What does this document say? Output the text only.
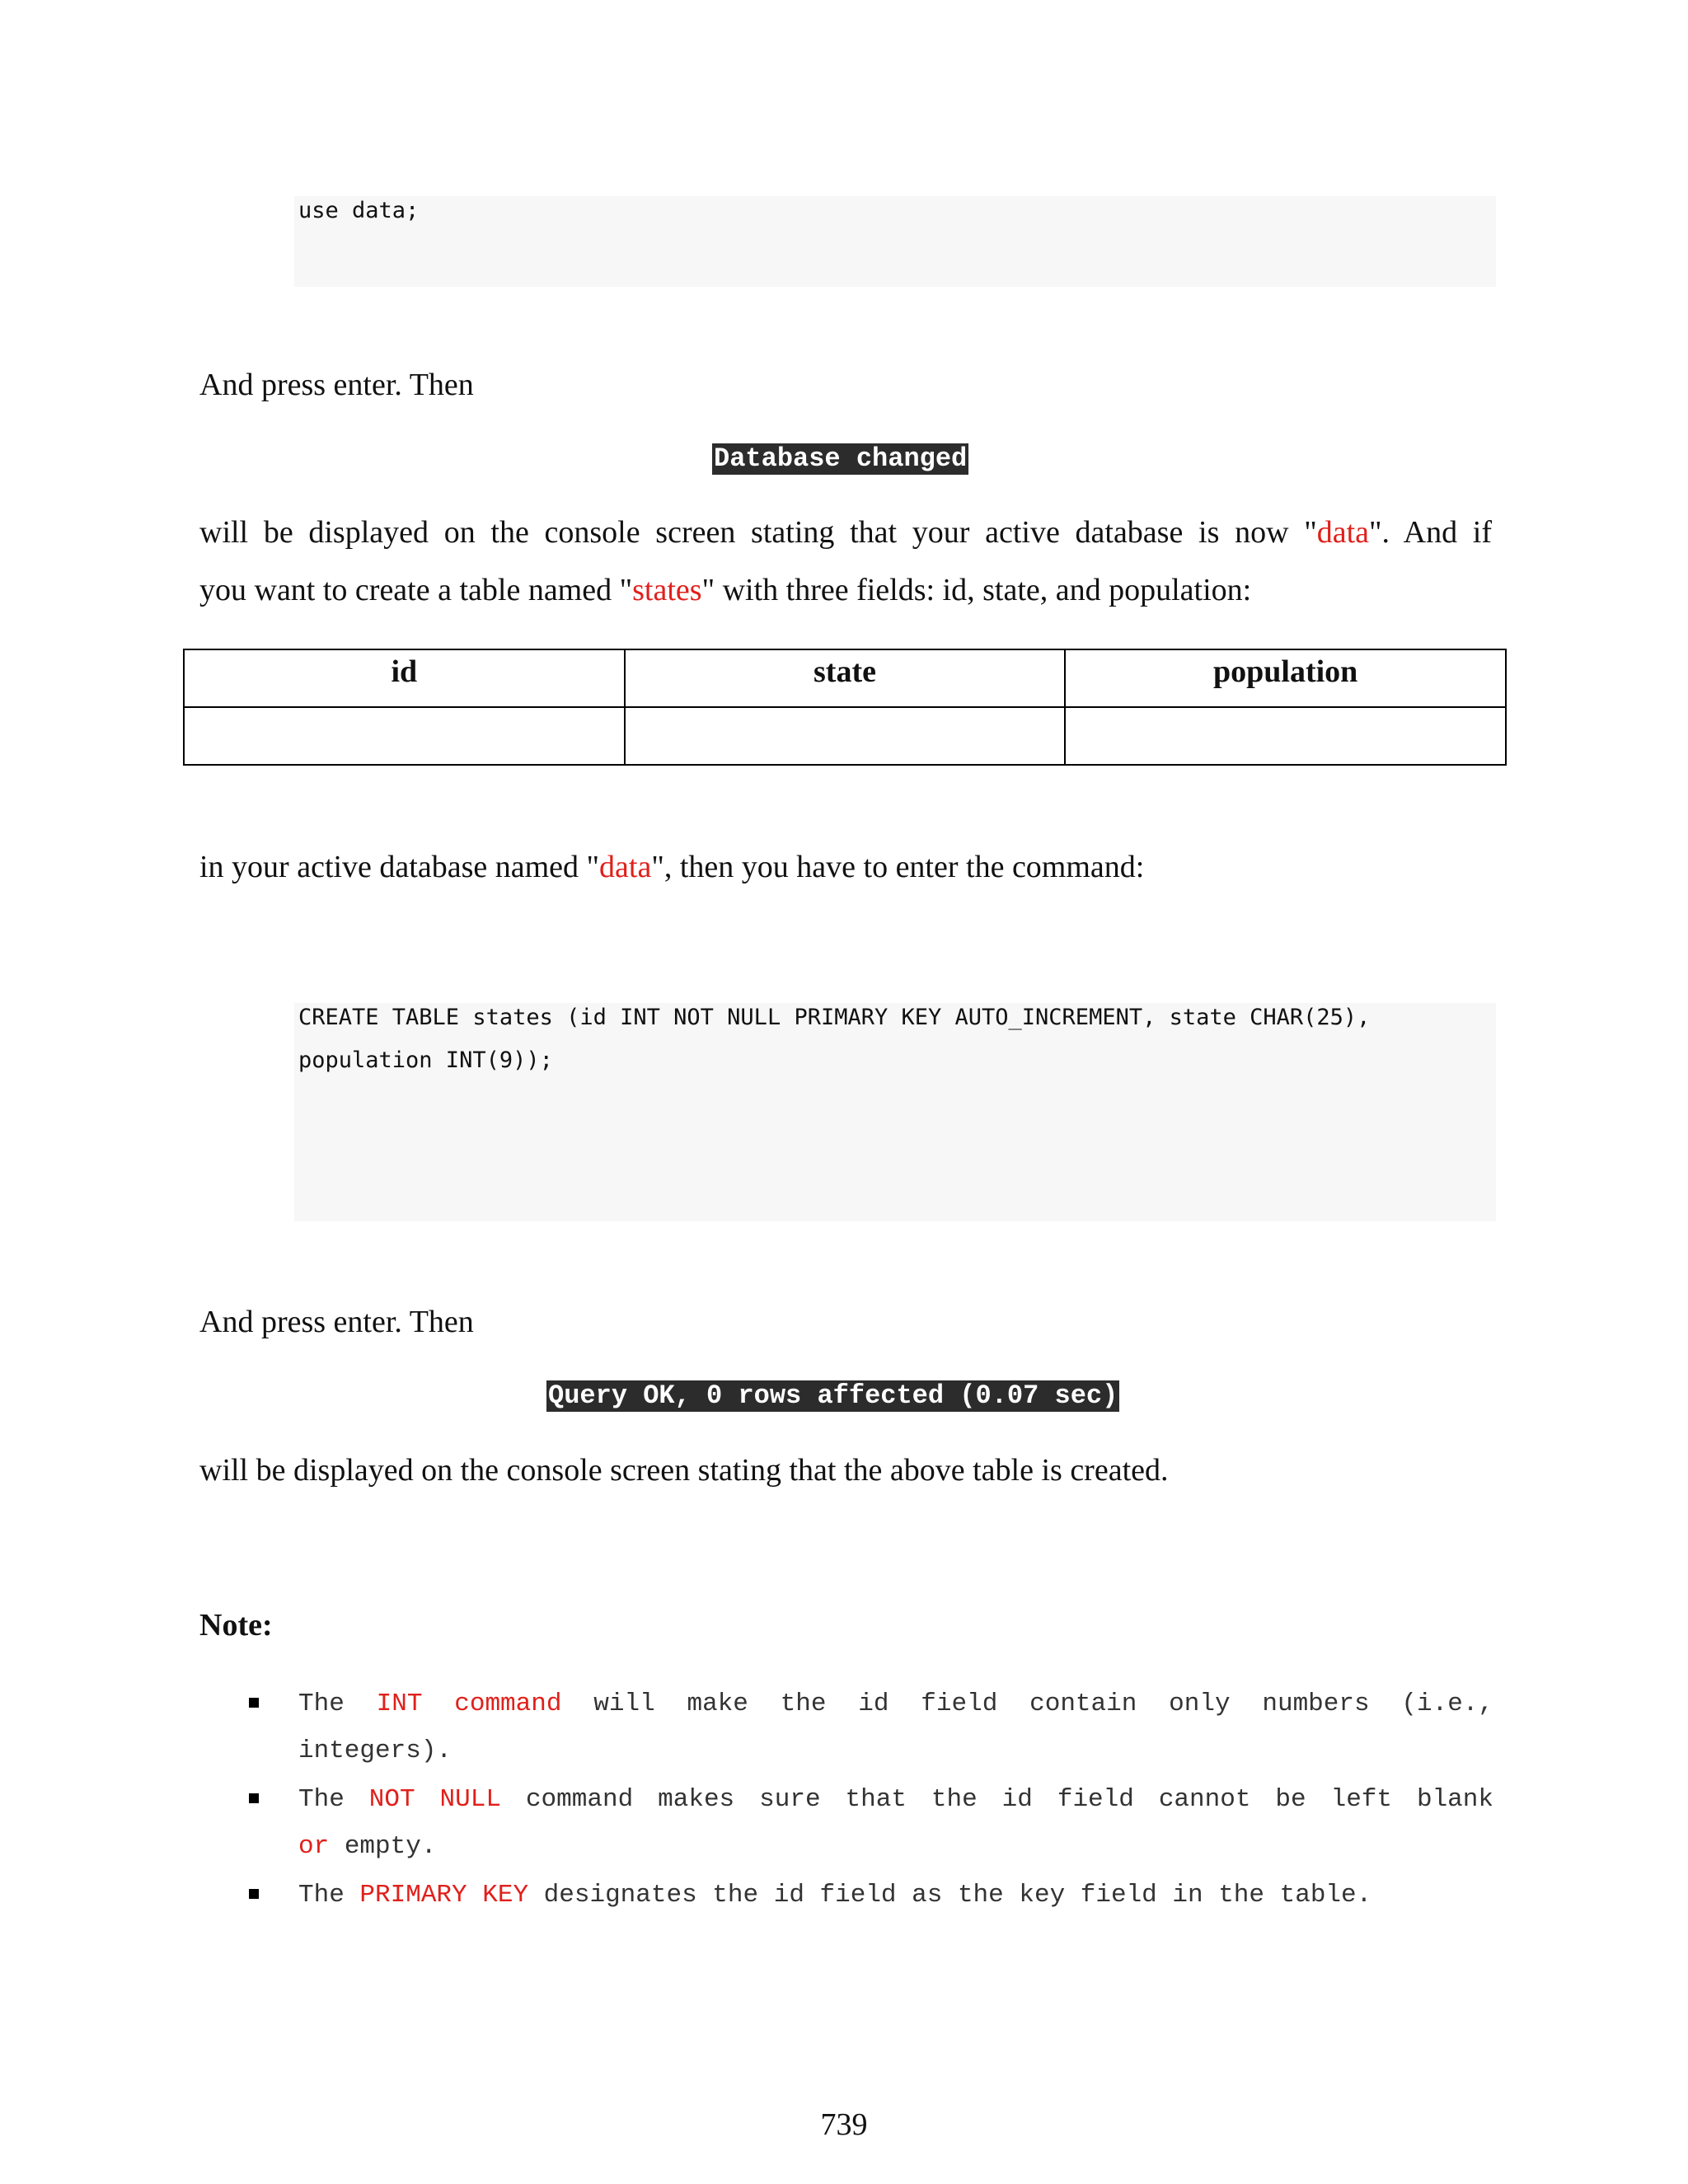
use data;
And press enter. Then
Database changed
will be displayed on the console screen stating that your active database is now "data". And if
you want to create a table named "states" with three fields: id, state, and population:
id	state	population

in your active database named "data", then you have to enter the command:
CREATE TABLE states (id INT NOT NULL PRIMARY KEY AUTO_INCREMENT, state CHAR(25),
population INT(9));
And press enter. Then
Query OK, 0 rows affected (0.07 sec)
will be displayed on the console screen stating that the above table is created.
Note:
The INT command will make the id field contain only numbers (i.e.,
integers).
The NOT NULL command makes sure that the id field cannot be left blank
or empty.
The PRIMARY KEY designates the id field as the key field in the table.
739
